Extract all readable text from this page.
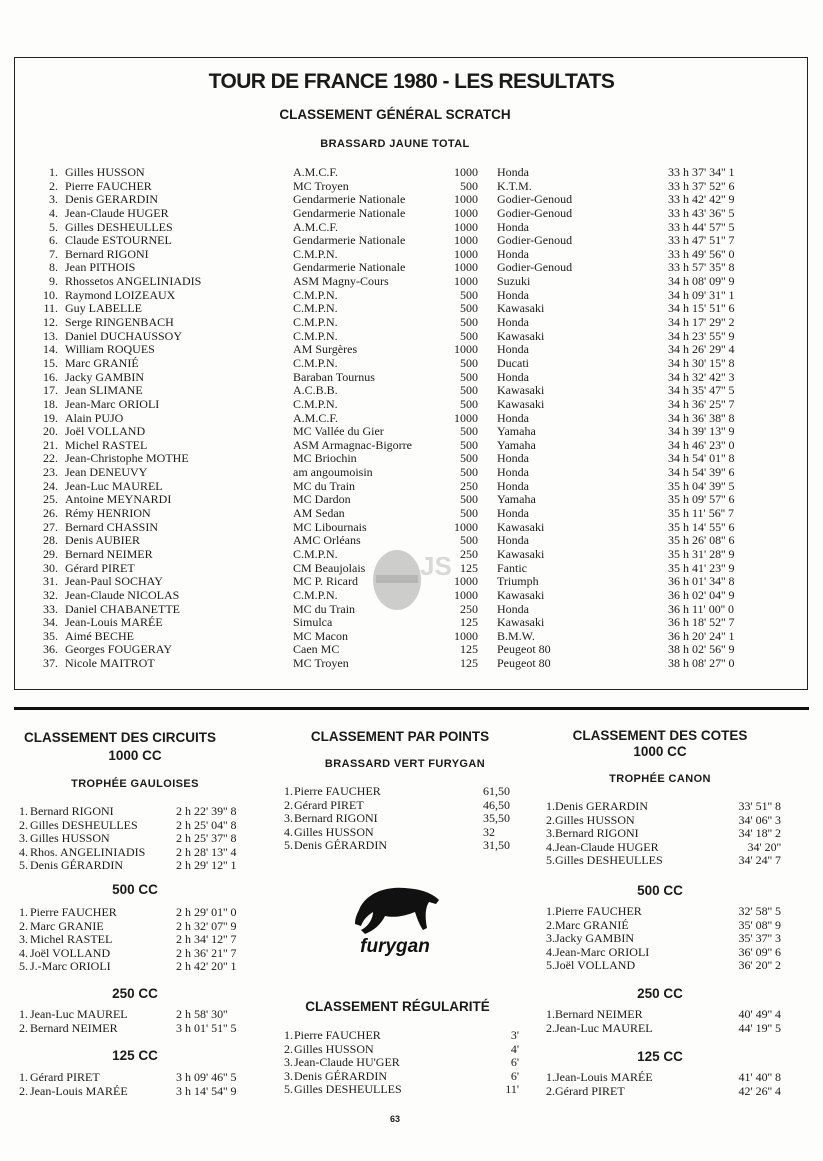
TOUR DE FRANCE 1980 - LES RESULTATS
CLASSEMENT GÉNÉRAL SCRATCH
BRASSARD JAUNE TOTAL
JS
1. Gilles HUSSON	A.M.C.F.	1000 Honda	33 h 37' 34'' 1
2. Pierre FAUCHER	MC Troyen	500 K.T.M.	33 h 37' 52'' 6
3. Denis GERARDIN	Gendarmerie Nationale	1000 Godier-Genoud	33 h 42' 42'' 9
4. Jean-Claude HUGER	Gendarmerie Nationale	1000 Godier-Genoud	33 h 43' 36'' 5
5. Gilles DESHEULLES	A.M.C.F.	1000 Honda	33 h 44' 57'' 5
6. Claude ESTOURNEL	Gendarmerie Nationale	1000 Godier-Genoud	33 h 47' 51'' 7
7. Bernard RIGONI	C.M.P.N.	1000 Honda	33 h 49' 56'' 0
8. Jean PITHOIS	Gendarmerie Nationale	1000 Godier-Genoud	33 h 57' 35'' 8
9. Rhossetos ANGELINIADIS	ASM Magny-Cours	1000 Suzuki	34 h 08' 09'' 9
10. Raymond LOIZEAUX	C.M.P.N.	500 Honda	34 h 09' 31'' 1
11. Guy LABELLE	C.M.P.N.	500 Kawasaki	34 h 15' 51'' 6
12. Serge RINGENBACH	C.M.P.N.	500 Honda	34 h 17' 29'' 2
13. Daniel DUCHAUSSOY	C.M.P.N.	500 Kawasaki	34 h 23' 55'' 9
14. William ROQUES	AM Surgères	1000 Honda	34 h 26' 29'' 4
15. Marc GRANIÉ	C.M.P.N.	500 Ducati	34 h 30' 15'' 8
16. Jacky GAMBIN	Baraban Tournus	500 Honda	34 h 32' 42'' 3
17. Jean SLIMANE	A.C.B.B.	500 Kawasaki	34 h 35' 47'' 5
18. Jean-Marc ORIOLI	C.M.P.N.	500 Kawasaki	34 h 36' 25'' 7
19. Alain PUJO	A.M.C.F.	1000 Honda	34 h 36' 38'' 8
20. Joël VOLLAND	MC Vallée du Gier	500 Yamaha	34 h 39' 13'' 9
21. Michel RASTEL	ASM Armagnac-Bigorre	500 Yamaha	34 h 46' 23'' 0
22. Jean-Christophe MOTHE	MC Briochin	500 Honda	34 h 54' 01'' 8
23. Jean DENEUVY	am angoumoisin	500 Honda	34 h 54' 39'' 6
24. Jean-Luc MAUREL	MC du Train	250 Honda	35 h 04' 39'' 5
25. Antoine MEYNARDI	MC Dardon	500 Yamaha	35 h 09' 57'' 6
26. Rémy HENRION	AM Sedan	500 Honda	35 h 11' 56'' 7
27. Bernard CHASSIN	MC Libournais	1000 Kawasaki	35 h 14' 55'' 6
28. Denis AUBIER	AMC Orléans	500 Honda	35 h 26' 08'' 6
29. Bernard NEIMER	C.M.P.N.	250 Kawasaki	35 h 31' 28'' 9
30. Gérard PIRET	CM Beaujolais	125 Fantic	35 h 41' 23'' 9
31. Jean-Paul SOCHAY	MC P. Ricard	1000 Triumph	36 h 01' 34'' 8
32. Jean-Claude NICOLAS	C.M.P.N.	1000 Kawasaki	36 h 02' 04'' 9
33. Daniel CHABANETTE	MC du Train	250 Honda	36 h 11' 00'' 0
34. Jean-Louis MARÉE	Simulca	125 Kawasaki	36 h 18' 52'' 7
35. Aimé BECHE	MC Macon	1000 B.M.W.	36 h 20' 24'' 1
36. Georges FOUGERAY	Caen MC	125 Peugeot 80	38 h 02' 56'' 9
37. Nicole MAITROT	MC Troyen	125 Peugeot 80	38 h 08' 27'' 0
CLASSEMENT DES CIRCUITS
1000 CC
TROPHÉE GAULOISES
1. Bernard RIGONI	2 h 22' 39'' 8
2. Gilles DESHEULLES	2 h 25' 04'' 8
3. Gilles HUSSON	2 h 25' 37'' 8
4. Rhos. ANGELINIADIS	2 h 28' 13'' 4
5. Denis GÉRARDIN	2 h 29' 12'' 1
500 CC
1. Pierre FAUCHER	2 h 29' 01'' 0
2. Marc GRANIE	2 h 32' 07'' 9
3. Michel RASTEL	2 h 34' 12'' 7
4. Joël VOLLAND	2 h 36' 21'' 7
5. J.-Marc ORIOLI	2 h 42' 20'' 1
250 CC
1. Jean-Luc MAUREL	2 h 58' 30''
2. Bernard NEIMER	3 h 01' 51'' 5
125 CC
1. Gérard PIRET	3 h 09' 46'' 5
2. Jean-Louis MARÉE	3 h 14' 54'' 9
CLASSEMENT PAR POINTS
BRASSARD VERT FURYGAN
1. Pierre FAUCHER	61,50
2. Gérard PIRET	46,50
3. Bernard RIGONI	35,50
4. Gilles HUSSON	32
5. Denis GÉRARDIN	31,50
furygan
CLASSEMENT RÉGULARITÉ
1. Pierre FAUCHER	3'
2. Gilles HUSSON	4'
3. Jean-Claude HU'GER	6'
3. Denis GÉRARDIN	6'
5. Gilles DESHEULLES	11'
CLASSEMENT DES COTES
1000 CC
TROPHÉE CANON
1. Denis GERARDIN	33' 51'' 8
2. Gilles HUSSON	34' 06'' 3
3. Bernard RIGONI	34' 18'' 2
4. Jean-Claude HUGER	34' 20''
5. Gilles DESHEULLES	34' 24'' 7
500 CC
1. Pierre FAUCHER	32' 58'' 5
2. Marc GRANIÉ	35' 08'' 9
3. Jacky GAMBIN	35' 37'' 3
4. Jean-Marc ORIOLI	36' 09'' 6
5. Joël VOLLAND	36' 20'' 2
250 CC
1. Bernard NEIMER	40' 49'' 4
2. Jean-Luc MAUREL	44' 19'' 5
125 CC
1. Jean-Louis MARÉE	41' 40'' 8
2. Gérard PIRET	42' 26'' 4
63
